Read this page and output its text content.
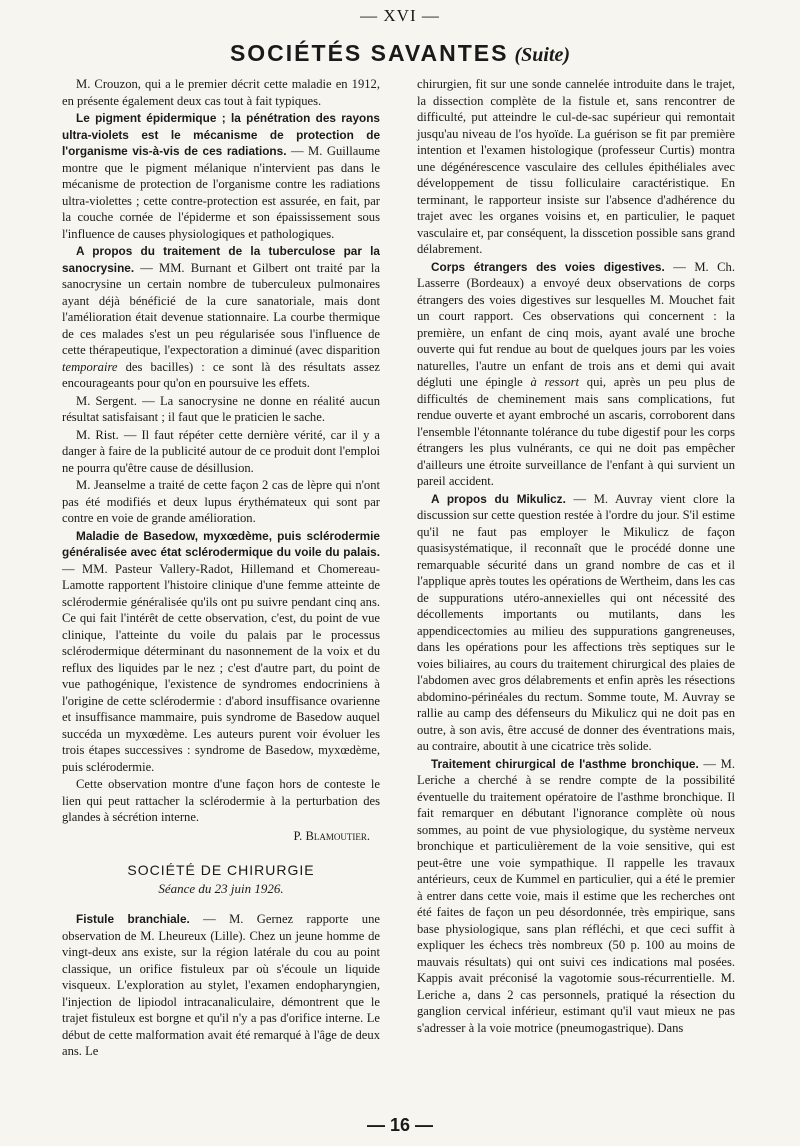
— XVI —
SOCIÉTÉS SAVANTES (Suite)

M. Crouzon, qui a le premier décrit cette maladie en 1912, en présente également deux cas tout à fait typiques.

Le pigment épidermique ; la pénétration des rayons ultra-violets est le mécanisme de protection de l'organisme vis-à-vis de ces radiations. — M. Guillaume montre que le pigment mélanique n'intervient pas dans le mécanisme de protection de l'organisme contre les radiations ultra-violettes ; cette contre-protection est assurée, en fait, par la couche cornée de l'épiderme et son épaississement sous l'influence de causes physiologiques et pathologiques.

A propos du traitement de la tuberculose par la sanocrysine. — MM. Burnant et Gilbert ont traité par la sanocrysine un certain nombre de tuberculeux pulmonaires ayant déjà bénéficié de la cure sanatoriale, mais dont l'amélioration était devenue stationnaire. La courbe thermique de ces malades s'est un peu régularisée sous l'influence de cette thérapeutique, l'expectoration a diminué (avec disparition temporaire des bacilles) : ce sont là des résultats assez encourageants pour qu'on en poursuive les effets.

M. Sergent. — La sanocrysine ne donne en réalité aucun résultat satisfaisant ; il faut que le praticien le sache.

M. Rist. — Il faut répéter cette dernière vérité, car il y a danger à faire de la publicité autour de ce produit dont l'emploi ne pourra qu'être cause de désillusion.

M. Jeanselme a traité de cette façon 2 cas de lèpre qui n'ont pas été modifiés et deux lupus érythémateux qui sont par contre en voie de grande amélioration.

Maladie de Basedow, myxœdème, puis sclérodermie généralisée avec état sclérodermique du voile du palais. — MM. Pasteur Vallery-Radot, Hillemand et Chomereau-Lamotte rapportent l'histoire clinique d'une femme atteinte de sclérodermie généralisée qu'ils ont pu suivre pendant cinq ans. Ce qui fait l'intérêt de cette observation, c'est, du point de vue clinique, l'atteinte du voile du palais par le processus sclérodermique déterminant du nasonnement de la voix et du reflux des liquides par le nez ; c'est d'autre part, du point de vue pathogénique, l'existence de syndromes endocriniens à l'origine de cette sclérodermie : d'abord insuffisance ovarienne et insuffisance mammaire, puis syndrome de Basedow auquel succéda un myxœdème. Les auteurs purent voir évoluer les trois étapes successives : syndrome de Basedow, myxœdème, puis sclérodermie.

Cette observation montre d'une façon hors de conteste le lien qui peut rattacher la sclérodermie à la perturbation des glandes à sécrétion interne.

P. Blamoutier.
SOCIÉTÉ DE CHIRURGIE
Séance du 23 juin 1926.

Fistule branchiale. — M. Gernez rapporte une observation de M. Lheureux (Lille). Chez un jeune homme de vingt-deux ans existe, sur la région latérale du cou au point classique, un orifice fistuleux par où s'écoule un liquide visqueux. L'exploration au stylet, l'examen endopharyngien, l'injection de lipiodol intracanaliculaire, démontrent que le trajet fistuleux est borgne et qu'il n'y a pas d'orifice interne. Le début de cette malformation avait été remarqué à l'âge de deux ans. Le

chirurgien, fit sur une sonde cannelée introduite dans le trajet, la dissection complète de la fistule et, sans rencontrer de difficulté, put atteindre le cul-de-sac supérieur qui remontait jusqu'au niveau de l'os hyoïde. La guérison se fit par première intention et l'examen histologique (professeur Curtis) montra une dégénérescence vasculaire des cellules épithéliales avec développement de tissu folliculaire caractéristique. En terminant, le rapporteur insiste sur l'absence d'adhérence du trajet avec les organes voisins et, en particulier, le paquet vasculaire et, par conséquent, la disscetion possible sans grand délabrement.

Corps étrangers des voies digestives. — M. Ch. Lasserre (Bordeaux) a envoyé deux observations de corps étrangers des voies digestives sur lesquelles M. Mouchet fait un court rapport. Ces observations qui concernent : la première, un enfant de cinq mois, ayant avalé une broche ouverte qui fut rendue au bout de quelques jours par les voies naturelles, l'autre un enfant de trois ans et demi qui avait dégluti une épingle à ressort qui, après un peu plus de difficultés de cheminement mais sans complications, fut rendue ouverte et ayant embroché un ascaris, corroborent dans l'ensemble l'étonnante tolérance du tube digestif pour les corps étrangers les plus vulnérants, ce qui ne doit pas empêcher d'ailleurs une étroite surveillance de l'enfant à qui survient un pareil accident.

A propos du Mikulicz. — M. Auvray vient clore la discussion sur cette question restée à l'ordre du jour. S'il estime qu'il ne faut pas employer le Mikulicz de façon quasisystématique, il reconnaît que le procédé donne une remarquable sécurité dans un grand nombre de cas et il l'applique après toutes les opérations de Wertheim, dans les cas de suppurations utéro-annexielles qui ont nécessité des décollements importants ou mutilants, dans les appendicectomies au milieu des suppurations gangreneuses, dans les opérations pour les affections très septiques sur le voies biliaires, au cours du traitement chirurgical des plaies de l'abdomen avec gros délabrements et enfin après les résections abdomino-périnéales du rectum. Somme toute, M. Auvray se rallie au camp des défenseurs du Mikulicz qui ne doit pas en outre, à son avis, être accusé de donner des éventrations mais, au contraire, aboutit à une cicatrice très solide.

Traitement chirurgical de l'asthme bronchique. — M. Leriche a cherché à se rendre compte de la possibilité éventuelle du traitement opératoire de l'asthme bronchique. Il fait remarquer en débutant l'ignorance complète où nous sommes, au point de vue physiologique, du système nerveux bronchique et particulièrement de la voie sensitive, qui est peut-être une voie sympathique. Il rappelle les travaux antérieurs, ceux de Kummel en particulier, qui a été le premier à entrer dans cette voie, mais il estime que les recherches ont été faites de façon un peu désordonnée, très empirique, sans base physiologique, sans plan réfléchi, et que ceci suffit à expliquer les échecs très nombreux (50 p. 100 au moins de mauvais résultats) qui ont suivi ces indications mal posées. Kappis avait préconisé la vagotomie sous-récurrentielle. M. Leriche a, dans 2 cas personnels, pratiqué la résection du ganglion cervical inférieur, estimant qu'il vaut mieux ne pas s'adresser à la voie motrice (pneumogastrique). Dans

— 16 —
